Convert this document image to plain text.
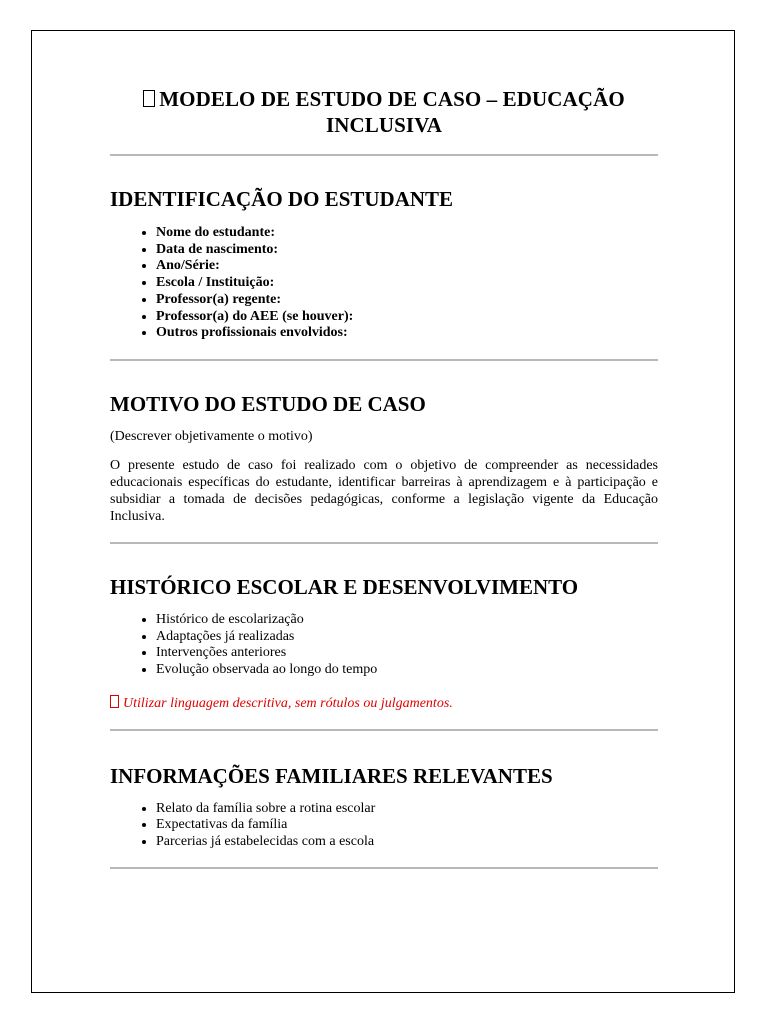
MODELO DE ESTUDO DE CASO – EDUCAÇÃO INCLUSIVA
IDENTIFICAÇÃO DO ESTUDANTE
• Nome do estudante:
• Data de nascimento:
• Ano/Série:
• Escola / Instituição:
• Professor(a) regente:
• Professor(a) do AEE (se houver):
• Outros profissionais envolvidos:
MOTIVO DO ESTUDO DE CASO

(Descrever objetivamente o motivo)

O presente estudo de caso foi realizado com o objetivo de compreender as necessidades educacionais específicas do estudante, identificar barreiras à aprendizagem e à participação e subsidiar a tomada de decisões pedagógicas, conforme a legislação vigente da Educação Inclusiva.

HISTÓRICO ESCOLAR E DESENVOLVIMENTO
• Histórico de escolarização
• Adaptações já realizadas
• Intervenções anteriores
• Evolução observada ao longo do tempo

Utilizar linguagem descritiva, sem rótulos ou julgamentos.

INFORMAÇÕES FAMILIARES RELEVANTES
• Relato da família sobre a rotina escolar
• Expectativas da família
• Parcerias já estabelecidas com a escola
